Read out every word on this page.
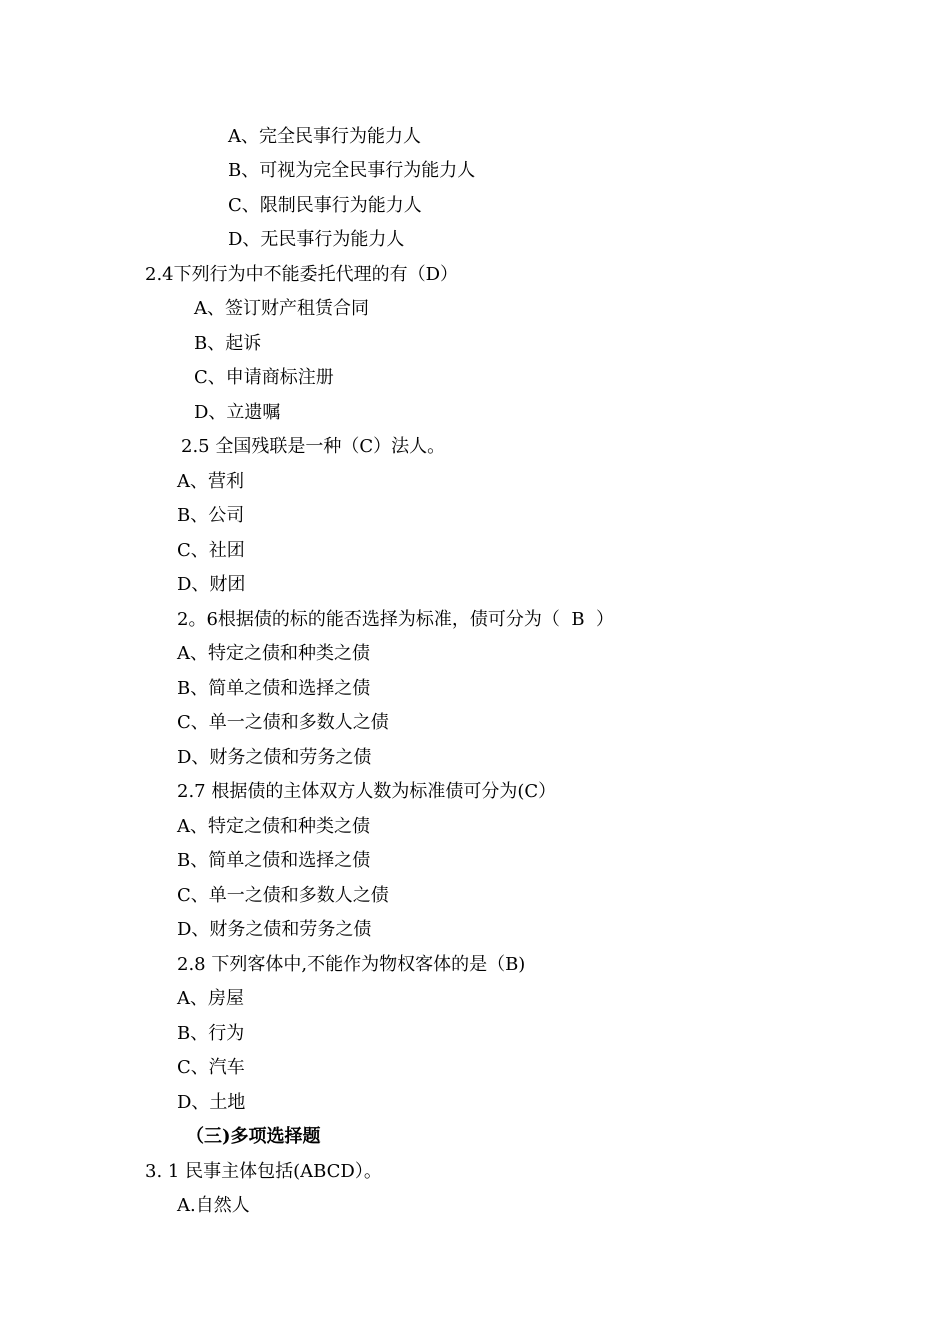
A、完全民事行为能力人
B、可视为完全民事行为能力人
C、限制民事行为能力人
D、无民事行为能力人
2.4下列行为中不能委托代理的有（D）
A、签订财产租赁合同
B、起诉
C、申请商标注册
D、立遗嘱
2.5 全国残联是一种（C）法人。
A、营利
B、公司
C、社团
D、财团
2。6根据债的标的能否选择为标准，债可分为（  B  ）
A、特定之债和种类之债
B、简单之债和选择之债
C、单一之债和多数人之债
D、财务之债和劳务之债
2.7 根据债的主体双方人数为标准债可分为(C）
A、特定之债和种类之债
B、简单之债和选择之债
C、单一之债和多数人之债
D、财务之债和劳务之债
2.8 下列客体中,不能作为物权客体的是（B)
A、房屋
B、行为
C、汽车
D、土地
（三)多项选择题
3. 1 民事主体包括(ABCD）。
A.自然人
